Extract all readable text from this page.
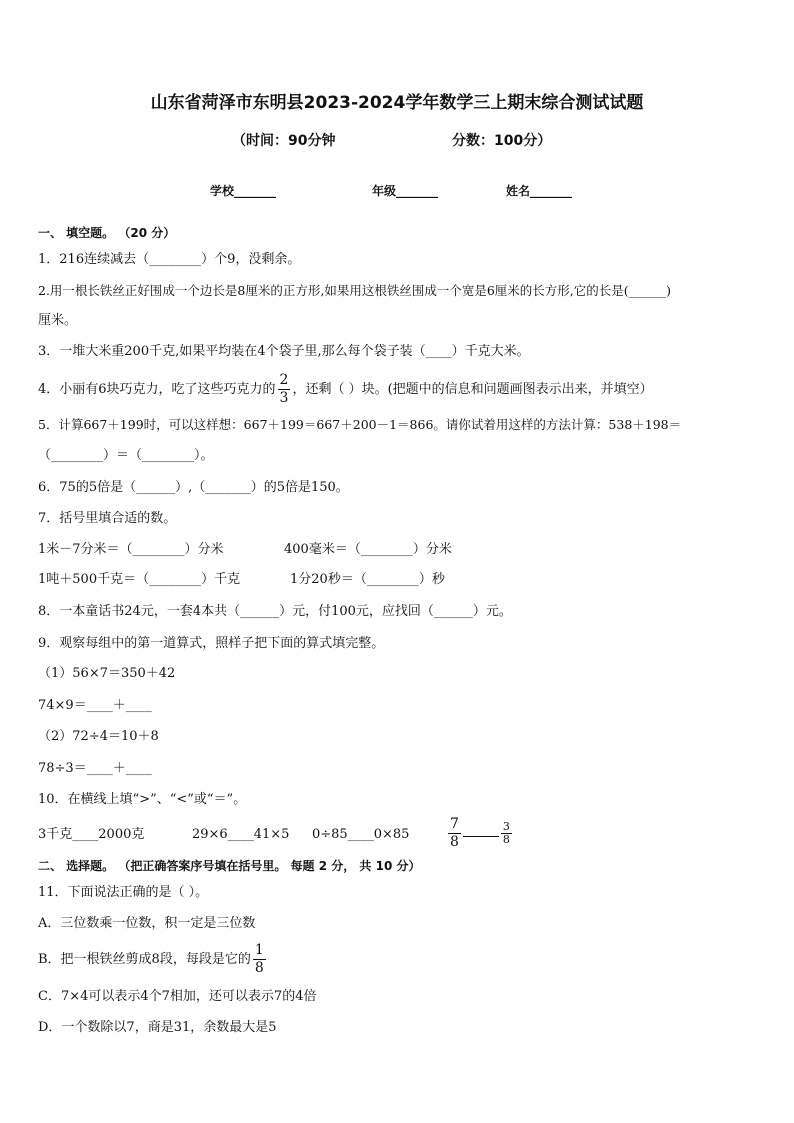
山东省菏泽市东明县2023-2024学年数学三上期末综合测试试题
（时间：90分钟	分数：100分）
学校_______	年级_______	姓名_______
一、 填空题。 （20 分）
1．216连续减去（________）个9，没剩余。
2.用一根长铁丝正好围成一个边长是8厘米的正方形,如果用这根铁丝围成一个宽是6厘米的长方形,它的长是(______)
厘米。
3．一堆大米重200千克,如果平均装在4个袋子里,那么每个袋子装（____）千克大米。
4．小丽有6块巧克力，吃了这些巧克力的 $\frac{2}{3}$ ，还剩（ ）块。(把题中的信息和问题画图表示出来，并填空）
5．计算667＋199时，可以这样想：667＋199＝667＋200－1＝866。请你试着用这样的方法计算：538＋198＝
（________）＝（________）。
6．75的5倍是（______）,（_______）的5倍是150。
7．括号里填合适的数。
1米－7分米＝（________）分米	400毫米＝（________）分米
1吨＋500千克＝（________）千克	1分20秒＝（________）秒
8．一本童话书24元，一套4本共（______）元，付100元，应找回（______）元。
9．观察每组中的第一道算式，照样子把下面的算式填完整。
（1）56×7＝350＋42
74×9＝____＋____
（2）72÷4＝10＋8
78÷3＝____＋____
10．在横线上填“>”、“<”或“＝”。
3千克____2000克	29×6____41×5 0÷85____0×85	$\frac{7}{8}$	$\frac{3}{8}$
二、 选择题。 （把正确答案序号填在括号里。 每题 2 分， 共 10 分）
11．下面说法正确的是（ ）。
A．三位数乘一位数，积一定是三位数
B．把一根铁丝剪成8段，每段是它的 $\frac{1}{8}$
C．7×4可以表示4个7相加，还可以表示7的4倍
D．一个数除以7，商是31，余数最大是5
